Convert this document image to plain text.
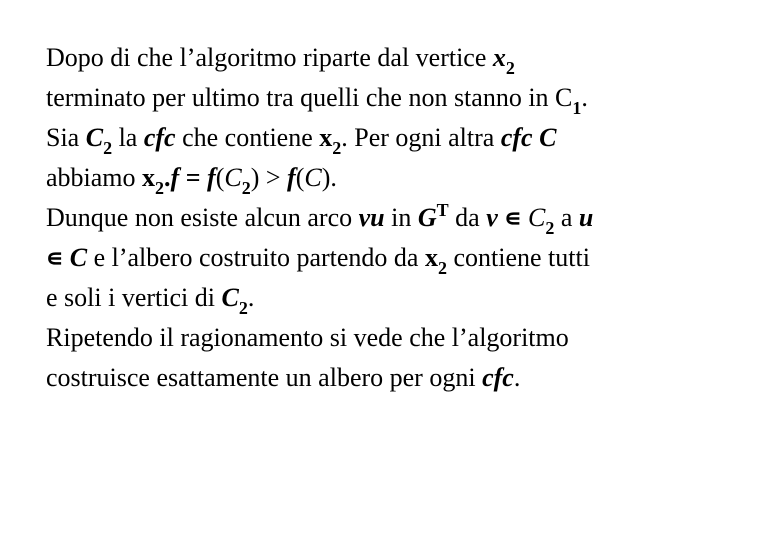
Dopo di che l’algoritmo riparte dal vertice $x_2$
terminato per ultimo tra quelli che non stanno in $C_1$.
Sia $C_2$ la cfc che contiene $x_2$. Per ogni altra cfc C
abbiamo $x_2.f = f(C_2) > f(C)$.
Dunque non esiste alcun arco vu in $G^T$ da v ∊ $C_2$ a u
∊ C e l’albero costruito partendo da $x_2$ contiene tutti
e soli i vertici di $C_2$.
Ripetendo il ragionamento si vede che l’algoritmo
costruisce esattamente un albero per ogni cfc.
